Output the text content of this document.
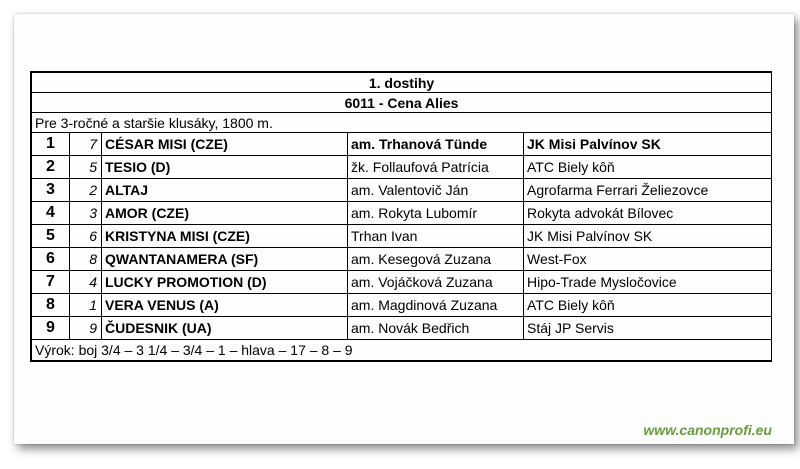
1. dostihy				
6011 - Cena Alies				
Pre 3-ročné a staršie klusáky, 1800 m.				
1	7	CÉSAR MISI (CZE)	am. Trhanová Tünde	JK Misi Palvínov SK
2	5	TESIO (D)	žk. Follaufová Patrícia	ATC Biely kôň
3	2	ALTAJ	am. Valentovič Ján	Agrofarma Ferrari Želiezovce
4	3	AMOR (CZE)	am. Rokyta Lubomír	Rokyta advokát Bílovec
5	6	KRISTYNA MISI (CZE)	Trhan Ivan	JK Misi Palvínov SK
6	8	QWANTANAMERA (SF)	am. Kesegová Zuzana	West-Fox
7	4	LUCKY PROMOTION (D)	am. Vojáčková Zuzana	Hipo-Trade Mysločovice
8	1	VERA VENUS (A)	am. Magdinová Zuzana	ATC Biely kôň
9	9	ČUDESNIK (UA)	am. Novák Bedřich	Stáj JP Servis
Výrok: boj 3/4 – 3 1/4 – 3/4 – 1 – hlava – 17 – 8 – 9				
www.canonprofi.eu
